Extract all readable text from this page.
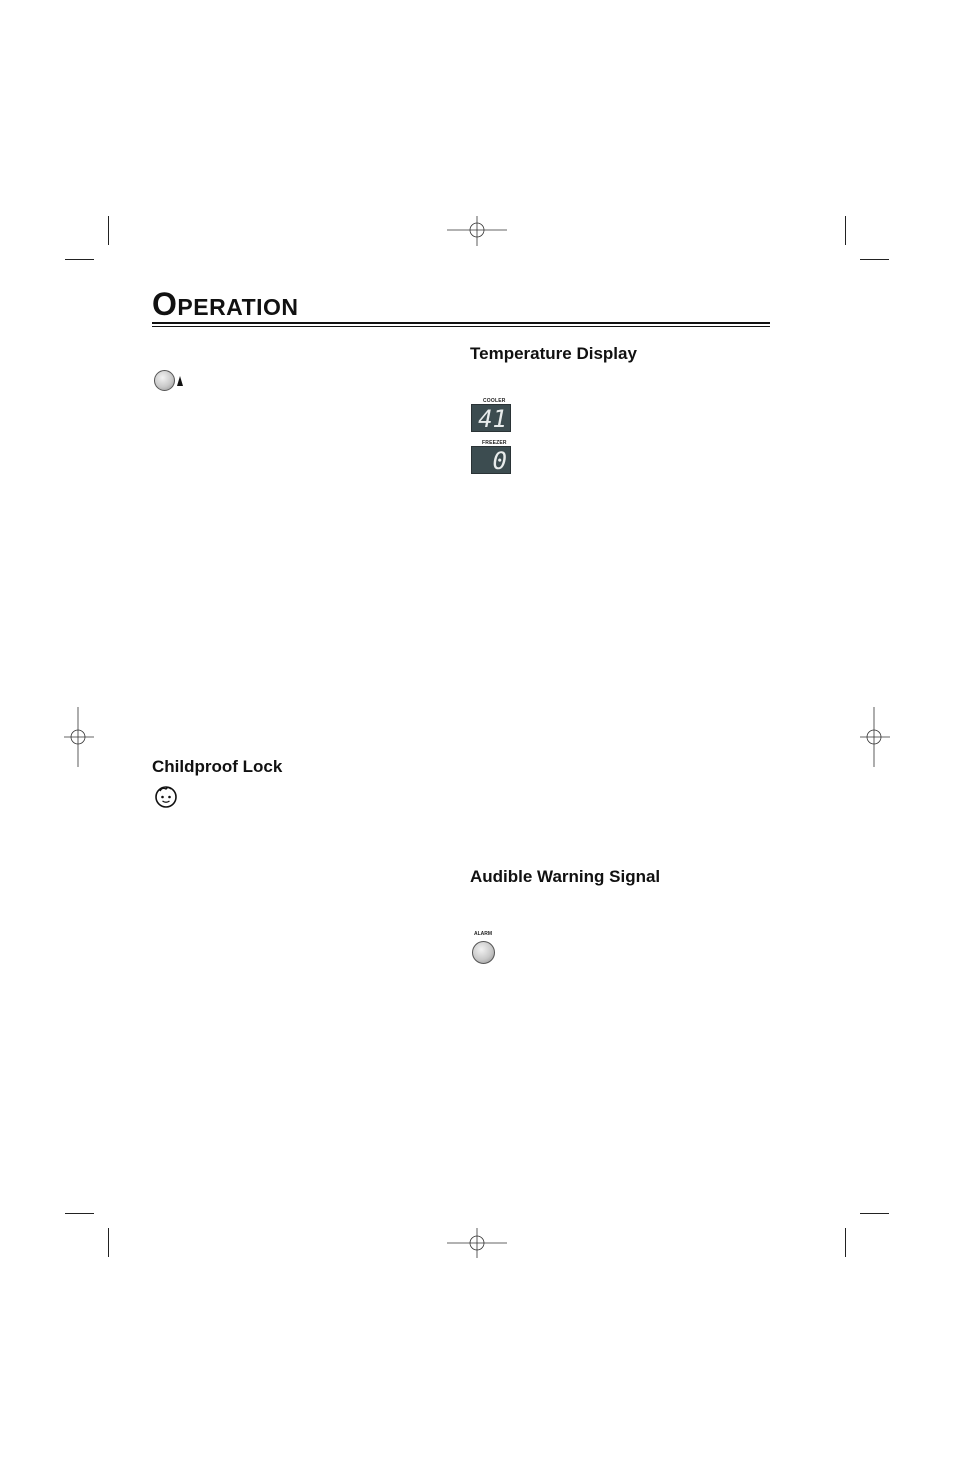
OPERATION
Temperature Display
COOLER
41
FREEZER
0
Childproof Lock
Audible Warning Signal
ALARM
